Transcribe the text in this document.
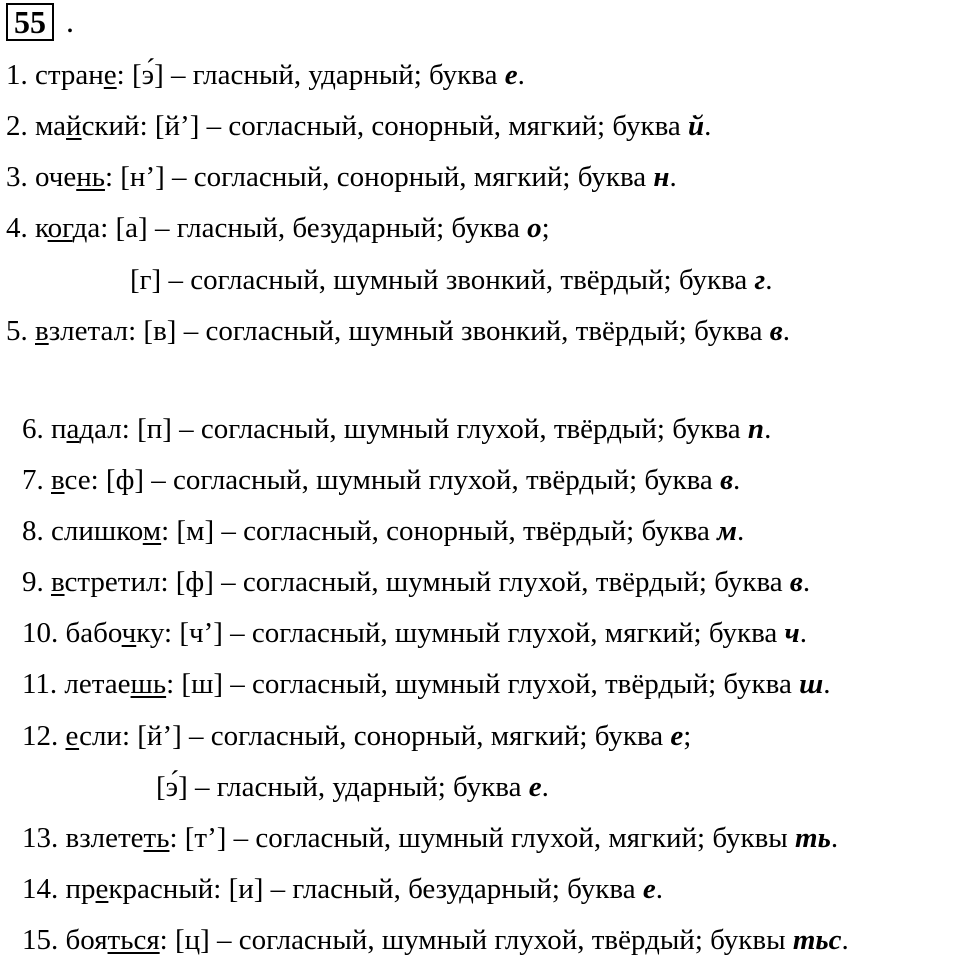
55 .
1. стране: [э́] – гласный, ударный; буква е.
2. майский: [й’] – согласный, сонорный, мягкий; буква й.
3. очень: [н’] – согласный, сонорный, мягкий; буква н.
4. когда: [а] – гласный, безударный; буква о;
[г] – согласный, шумный звонкий, твёрдый; буква г.
5. взлетал: [в] – согласный, шумный звонкий, твёрдый; буква в.
6. падал: [п] – согласный, шумный глухой, твёрдый; буква п.
7. все: [ф] – согласный, шумный глухой, твёрдый; буква в.
8. слишком: [м] – согласный, сонорный, твёрдый; буква м.
9. встретил: [ф] – согласный, шумный глухой, твёрдый; буква в.
10. бабочку: [ч’] – согласный, шумный глухой, мягкий; буква ч.
11. летаешь: [ш] – согласный, шумный глухой, твёрдый; буква ш.
12. если: [й’] – согласный, сонорный, мягкий; буква е;
[э́] – гласный, ударный; буква е.
13. взлететь: [т’] – согласный, шумный глухой, мягкий; буквы ть.
14. прекрасный: [и] – гласный, безударный; буква е.
15. бояться: [ц] – согласный, шумный глухой, твёрдый; буквы тьс.
